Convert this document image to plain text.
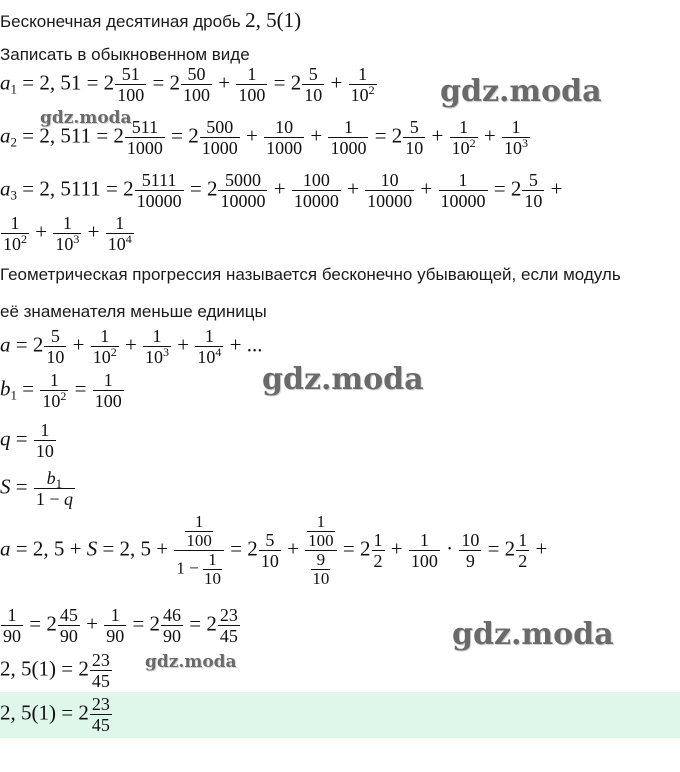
Бесконечная десятиная дробь 2, 5(1)
Записать в обыкновенном виде
$a_1 = 2$, $51 = 2 \frac{51}{100} = 2 \frac{50}{100} + \frac{1}{100} = 2 \frac{5}{10} + \frac{1}{10^2}$
$a_2 = 2$, $511 = 2 \frac{511}{1000} = 2 \frac{500}{1000} + \frac{10}{1000} + \frac{1}{1000} = 2 \frac{5}{10} + \frac{1}{10^2} + \frac{1}{10^3}$
$a_3 = 2$, $5111 = 2 \frac{5111}{10000} = 2 \frac{5000}{10000} + \frac{100}{10000} + \frac{10}{10000} + \frac{1}{10000} = 2 \frac{5}{10}$ +
$\frac{1}{10^2} + \frac{1}{10^3} + \frac{1}{10^4}$
Геометрическая прогрессия называется бесконечно убывающей, если модуль
её знаменателя меньше единицы
$a = 2 \frac{5}{10} + \frac{1}{10^2} + \frac{1}{10^3} + \frac{1}{10^4}$ + ...
$b_1 = \frac{1}{10^2} = \frac{1}{100}$
$q = \frac{1}{10}$
$S = \frac{b_1}{1 - q}$
a = 2, 5 + S = 2, $5 + \frac{\frac{1}{100}}{1 - \frac{1}{10}} = 2 \frac{5}{10} + \frac{\frac{1}{100}}{\frac{9}{10}} = 2 \frac{1}{2} + \frac{1}{100} \cdot \frac{10}{9} = 2 \frac{1}{2}$ +
$\frac{1}{90} = 2 \frac{45}{90} + \frac{1}{90} = 2 \frac{46}{90} = 2 \frac{23}{45}$
2, $5(1) = 2 \frac{23}{45}$
2, $5(1) = 2 \frac{23}{45}$
gdz.moda
gdz.moda
gdz.moda
gdz.moda
gdz.moda
